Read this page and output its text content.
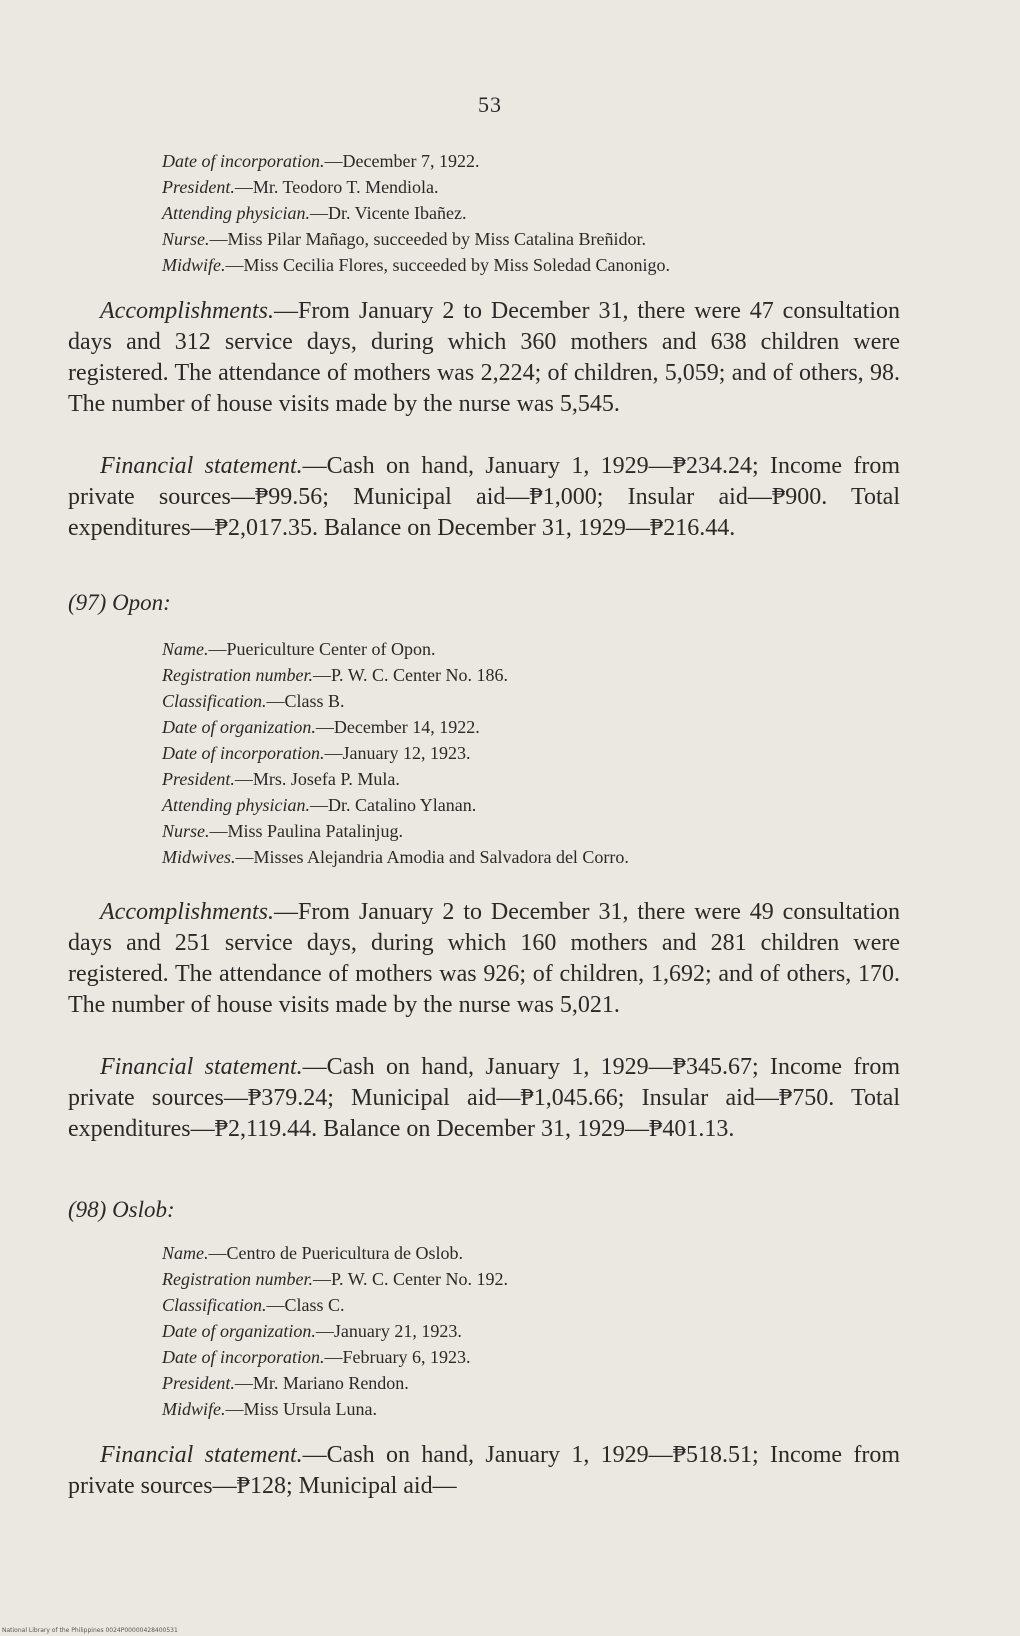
53
Date of incorporation.—December 7, 1922.
President.—Mr. Teodoro T. Mendiola.
Attending physician.—Dr. Vicente Ibañez.
Nurse.—Miss Pilar Mañago, succeeded by Miss Catalina Breñidor.
Midwife.—Miss Cecilia Flores, succeeded by Miss Soledad Canonigo.
Accomplishments.—From January 2 to December 31, there were 47 consultation days and 312 service days, during which 360 mothers and 638 children were registered. The attendance of mothers was 2,224; of children, 5,059; and of others, 98. The number of house visits made by the nurse was 5,545.
Financial statement.—Cash on hand, January 1, 1929—₱234.24; Income from private sources—₱99.56; Municipal aid—₱1,000; Insular aid—₱900. Total expenditures—₱2,017.35. Balance on December 31, 1929—₱216.44.
(97) Opon:
Name.—Puericulture Center of Opon.
Registration number.—P. W. C. Center No. 186.
Classification.—Class B.
Date of organization.—December 14, 1922.
Date of incorporation.—January 12, 1923.
President.—Mrs. Josefa P. Mula.
Attending physician.—Dr. Catalino Ylanan.
Nurse.—Miss Paulina Patalinjug.
Midwives.—Misses Alejandria Amodia and Salvadora del Corro.
Accomplishments.—From January 2 to December 31, there were 49 consultation days and 251 service days, during which 160 mothers and 281 children were registered. The attendance of mothers was 926; of children, 1,692; and of others, 170. The number of house visits made by the nurse was 5,021.
Financial statement.—Cash on hand, January 1, 1929—₱345.67; Income from private sources—₱379.24; Municipal aid—₱1,045.66; Insular aid—₱750. Total expenditures—₱2,119.44. Balance on December 31, 1929—₱401.13.
(98) Oslob:
Name.—Centro de Puericultura de Oslob.
Registration number.—P. W. C. Center No. 192.
Classification.—Class C.
Date of organization.—January 21, 1923.
Date of incorporation.—February 6, 1923.
President.—Mr. Mariano Rendon.
Midwife.—Miss Ursula Luna.
Financial statement.—Cash on hand, January 1, 1929—₱518.51; Income from private sources—₱128; Municipal aid—
National Library of the Philippines 0024P00000428400531
